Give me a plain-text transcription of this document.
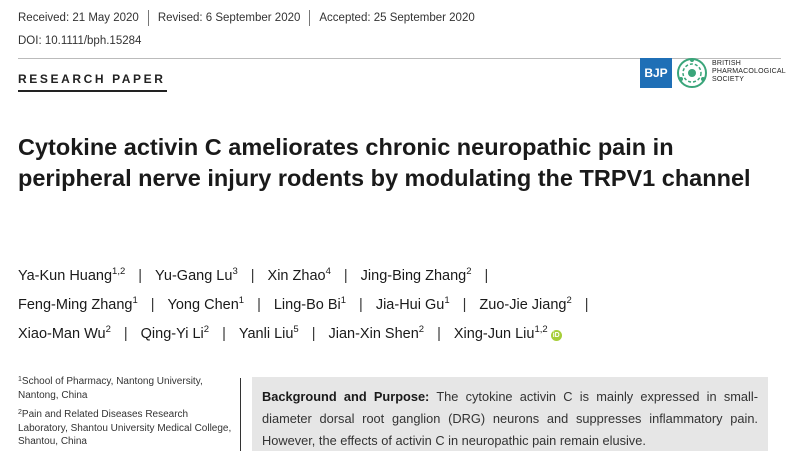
Received: 21 May 2020 Revised: 6 September 2020 Accepted: 25 September 2020
DOI: 10.1111/bph.15284
RESEARCH PAPER	BJP
BRITISH
PHARMACOLOGICAL
SOCIETY
Cytokine activin C ameliorates chronic neuropathic pain in peripheral nerve injury rodents by modulating the TRPV1 channel
Ya-Kun Huang$^{1,2}$ | Yu-Gang Lu$^3$ | Xin Zhao$^4$ | Jing-Bing Zhang$^2$ |
Feng-Ming Zhang$^1$ | Yong Chen$^1$ | Ling-Bo Bi$^1$ | Jia-Hui Gu$^1$ | Zuo-Jie Jiang$^2$ |
Xiao-Man Wu$^2$ | Qing-Yi Li$^2$ | Yanli Liu$^5$ | Jian-Xin Shen$^2$ | Xing-Jun Liu$^{1,2}$iD

$^1$School of Pharmacy, Nantong University, Nantong, China

$^2$Pain and Related Diseases Research Laboratory, Shantou University Medical College, Shantou, China

Background and Purpose: The cytokine activin C is mainly expressed in small-diameter dorsal root ganglion (DRG) neurons and suppresses inflammatory pain. However, the effects of activin C in neuropathic pain remain elusive.
